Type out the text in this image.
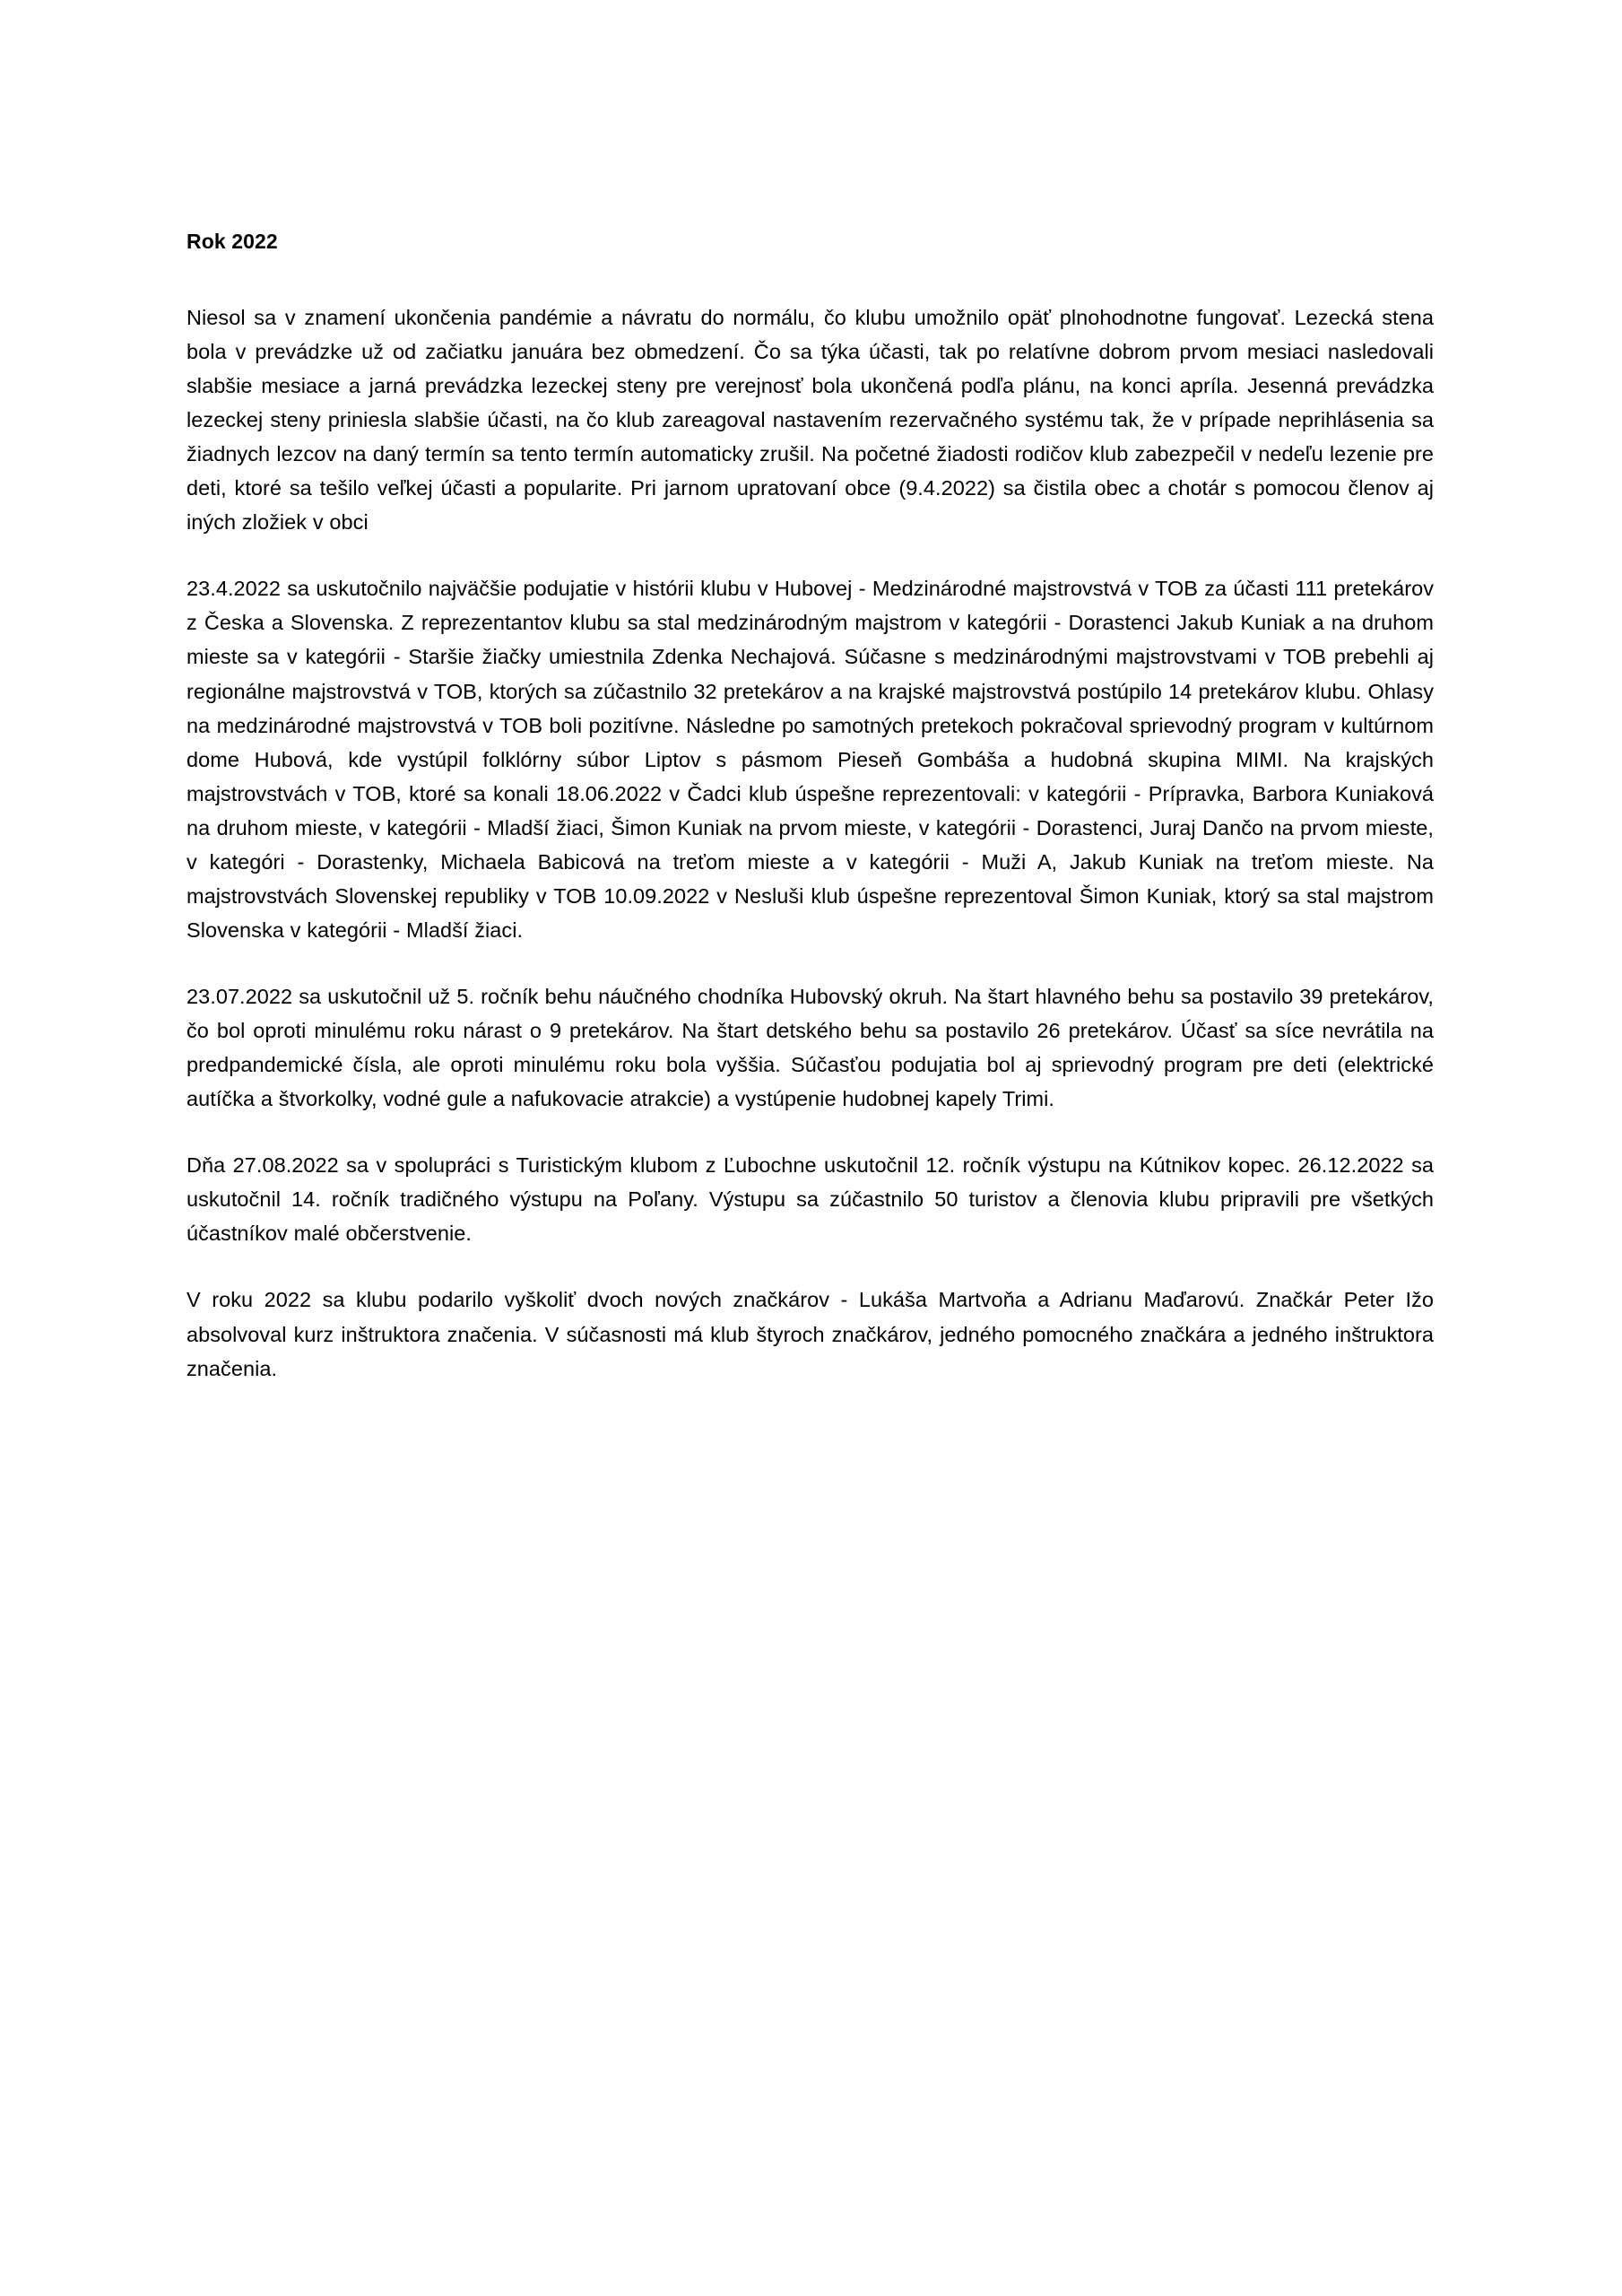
Rok 2022

Niesol sa v znamení ukončenia pandémie a návratu do normálu, čo klubu umožnilo opäť plnohodnotne fungovať. Lezecká stena bola v prevádzke už od začiatku januára bez obmedzení. Čo sa týka účasti, tak po relatívne dobrom prvom mesiaci nasledovali slabšie mesiace a jarná prevádzka lezeckej steny pre verejnosť bola ukončená podľa plánu, na konci apríla. Jesenná prevádzka lezeckej steny priniesla slabšie účasti, na čo klub zareagoval nastavením rezervačného systému tak, že v prípade neprihlásenia sa žiadnych lezcov na daný termín sa tento termín automaticky zrušil. Na početné žiadosti rodičov klub zabezpečil v nedeľu lezenie pre deti, ktoré sa tešilo veľkej účasti a popularite. Pri jarnom upratovaní obce (9.4.2022) sa čistila obec a chotár s pomocou členov aj iných zložiek v obci

23.4.2022 sa uskutočnilo najväčšie podujatie v histórii klubu v Hubovej - Medzinárodné majstrovstvá v TOB za účasti 111 pretekárov z Česka a Slovenska. Z reprezentantov klubu sa stal medzinárodným majstrom v kategórii - Dorastenci Jakub Kuniak a na druhom mieste sa v kategórii - Staršie žiačky umiestnila Zdenka Nechajová. Súčasne s medzinárodnými majstrovstvami v TOB prebehli aj regionálne majstrovstvá v TOB, ktorých sa zúčastnilo 32 pretekárov a na krajské majstrovstvá postúpilo 14 pretekárov klubu. Ohlasy na medzinárodné majstrovstvá v TOB boli pozitívne. Následne po samotných pretekoch pokračoval sprievodný program v kultúrnom dome Hubová, kde vystúpil folklórny súbor Liptov s pásmom Pieseň Gombáša a hudobná skupina MIMI. Na krajských majstrovstvách v TOB, ktoré sa konali 18.06.2022 v Čadci klub úspešne reprezentovali: v kategórii - Prípravka, Barbora Kuniaková na druhom mieste, v kategórii - Mladší žiaci, Šimon Kuniak na prvom mieste, v kategórii - Dorastenci, Juraj Dančo na prvom mieste, v kategóri - Dorastenky, Michaela Babicová na treťom mieste a v kategórii - Muži A, Jakub Kuniak na treťom mieste. Na majstrovstvách Slovenskej republiky v TOB 10.09.2022 v Nesluši klub úspešne reprezentoval Šimon Kuniak, ktorý sa stal majstrom Slovenska v kategórii - Mladší žiaci.

23.07.2022 sa uskutočnil už 5. ročník behu náučného chodníka Hubovský okruh. Na štart hlavného behu sa postavilo 39 pretekárov, čo bol oproti minulému roku nárast o 9 pretekárov. Na štart detského behu sa postavilo 26 pretekárov. Účasť sa síce nevrátila na predpandemické čísla, ale oproti minulému roku bola vyššia. Súčasťou podujatia bol aj sprievodný program pre deti (elektrické autíčka a štvorkolky, vodné gule a nafukovacie atrakcie) a vystúpenie hudobnej kapely Trimi.

Dňa 27.08.2022 sa v spolupráci s Turistickým klubom z Ľubochne uskutočnil 12. ročník výstupu na Kútnikov kopec. 26.12.2022 sa uskutočnil 14. ročník tradičného výstupu na Poľany. Výstupu sa zúčastnilo 50 turistov a členovia klubu pripravili pre všetkých účastníkov malé občerstvenie.

V roku 2022 sa klubu podarilo vyškoliť dvoch nových značkárov - Lukáša Martvoňa a Adrianu Maďarovú. Značkár Peter Ižo absolvoval kurz inštruktora značenia. V súčasnosti má klub štyroch značkárov, jedného pomocného značkára a jedného inštruktora značenia.
